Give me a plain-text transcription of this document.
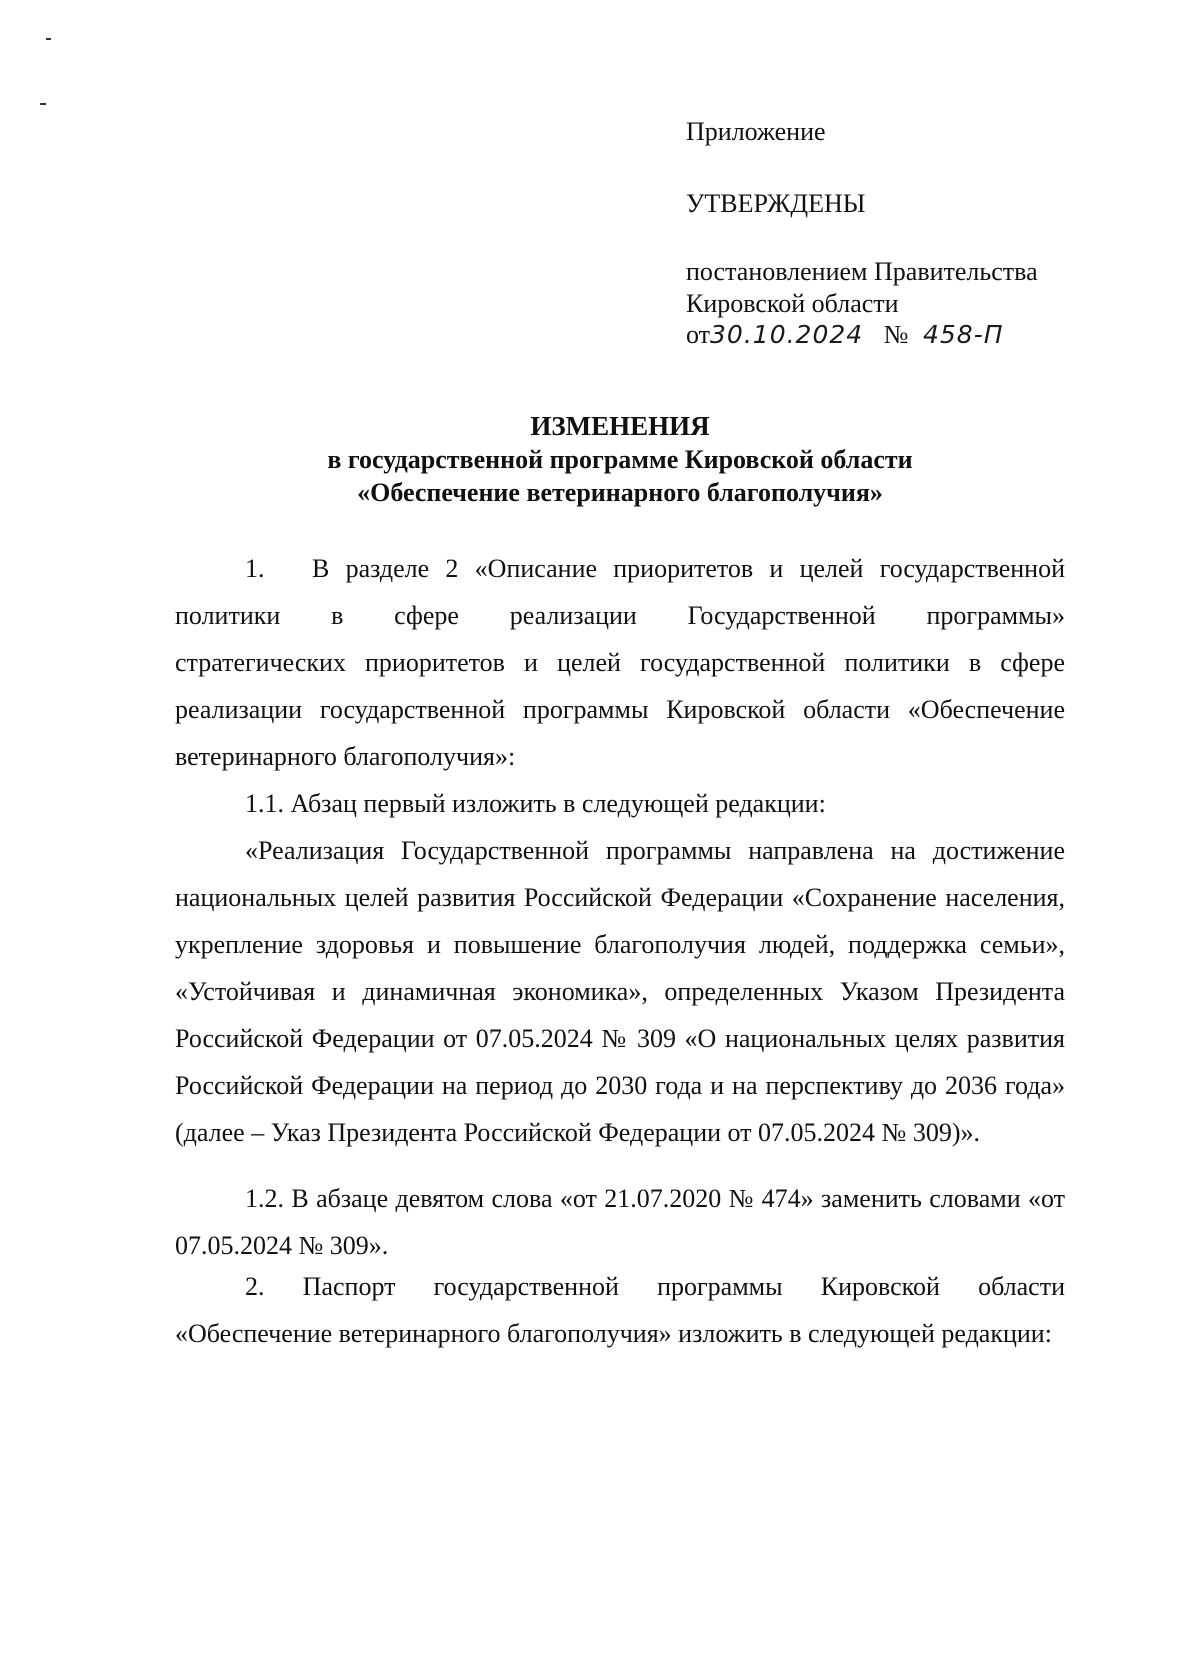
Приложение
УТВЕРЖДЕНЫ
постановлением Правительства
Кировской области
от30.10.2024 № 458-П
ИЗМЕНЕНИЯ
в государственной программе Кировской области
«Обеспечение ветеринарного благополучия»
1. В разделе 2 «Описание приоритетов и целей государственной
политики в сфере реализации Государственной программы»
стратегических приоритетов и целей государственной политики в сфере реализации государственной программы Кировской области «Обеспечение ветеринарного благополучия»:
1.1. Абзац первый изложить в следующей редакции:
«Реализация Государственной программы направлена на достижение национальных целей развития Российской Федерации «Сохранение населения, укрепление здоровья и повышение благополучия людей, поддержка семьи», «Устойчивая и динамичная экономика», определенных Указом Президента Российской Федерации от 07.05.2024 № 309 «О национальных целях развития Российской Федерации на период до 2030 года и на перспективу до 2036 года» (далее – Указ Президента Российской Федерации от 07.05.2024 № 309)».
1.2. В абзаце девятом слова «от 21.07.2020 № 474» заменить словами «от 07.05.2024 № 309».
2. Паспорт государственной программы Кировской области «Обеспечение ветеринарного благополучия» изложить в следующей редакции:
